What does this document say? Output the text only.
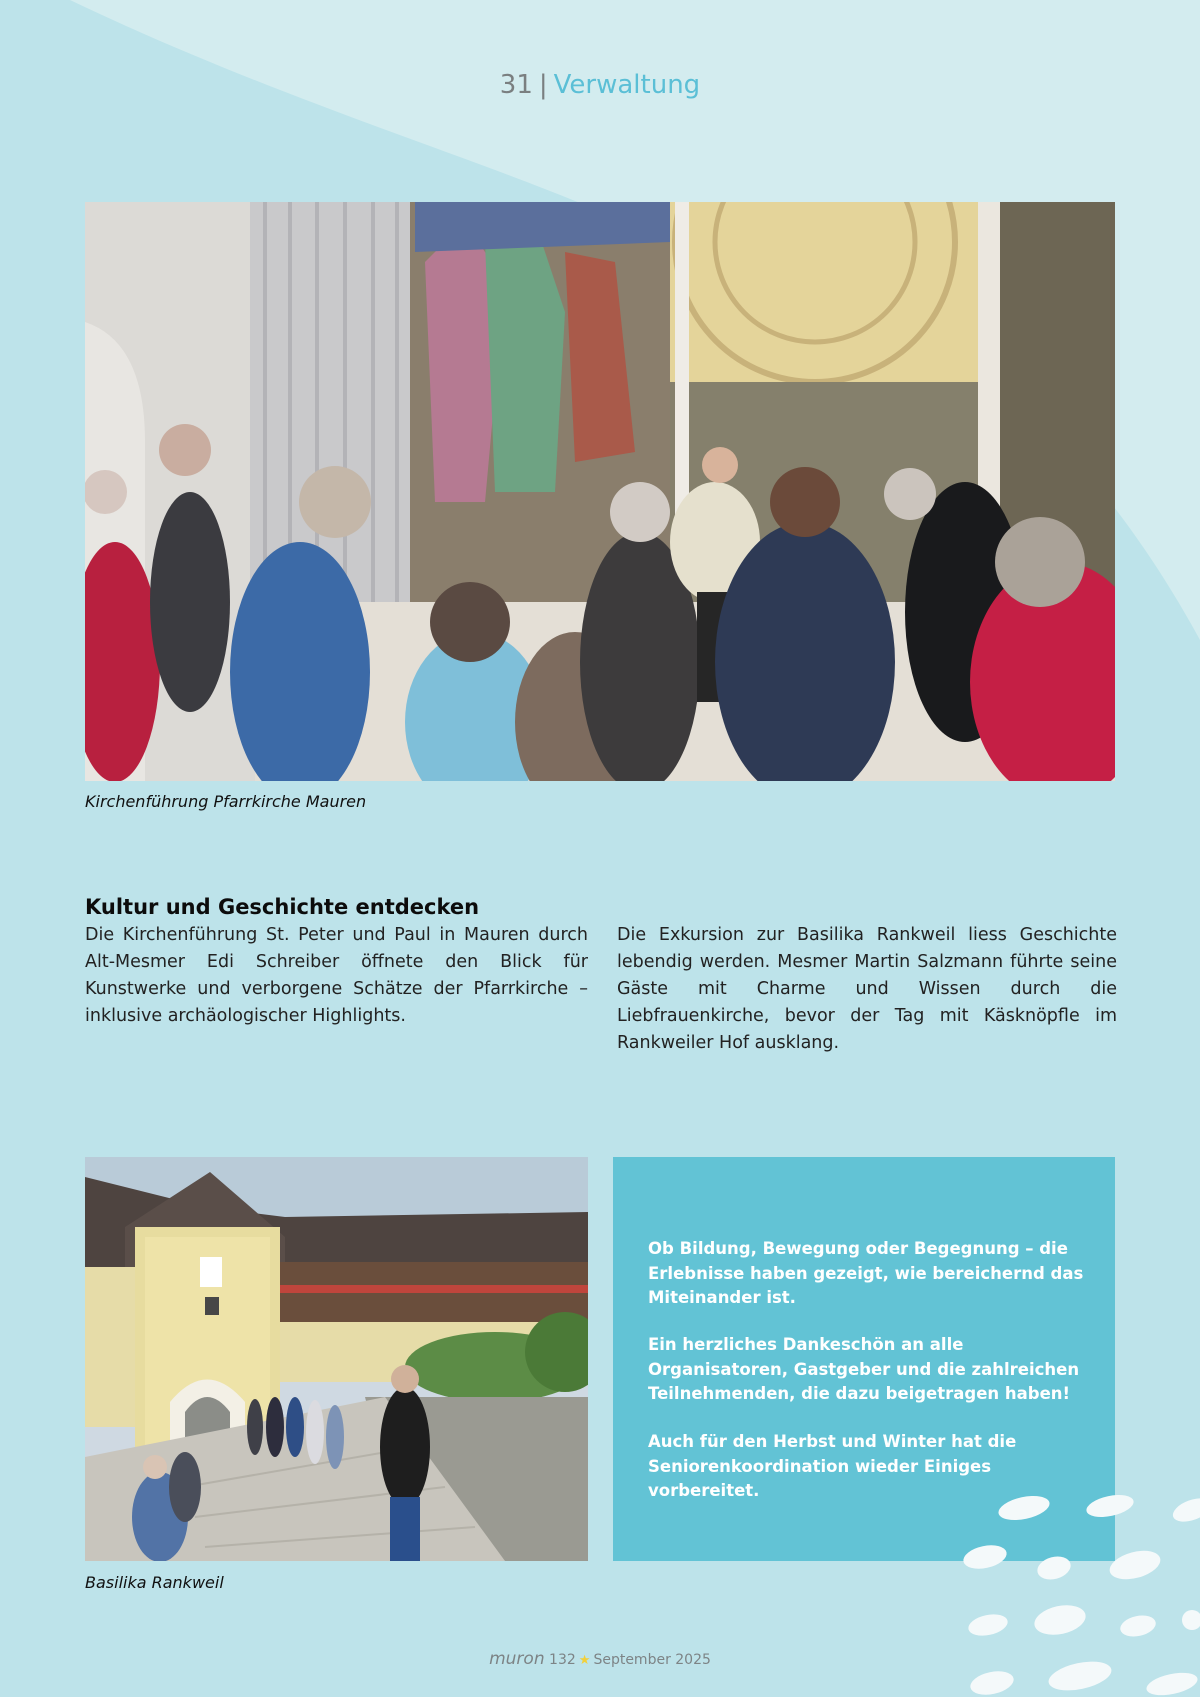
31 | Verwaltung
Kirchenführung Pfarrkirche Mauren
Kultur und Geschichte entdecken
Die Kirchenführung St. Peter und Paul in Mauren durch Alt-Mesmer Edi Schreiber öffnete den Blick für Kunstwerke und verborgene Schätze der Pfarrkirche – inklusive archäologischer Highlights.
Die Exkursion zur Basilika Rankweil liess Geschichte lebendig werden. Mesmer Martin Salzmann führte seine Gäste mit Charme und Wissen durch die Liebfrauenkirche, bevor der Tag mit Käsknöpfle im Rankweiler Hof ausklang.
Basilika Rankweil

Ob Bildung, Bewegung oder Begegnung – die Erlebnisse haben gezeigt, wie bereichernd das Miteinander ist.

Ein herzliches Dankeschön an alle Organisatoren, Gastgeber und die zahlreichen Teilnehmenden, die dazu beigetragen haben!

Auch für den Herbst und Winter hat die Seniorenkoordination wieder Einiges vorbereitet.

muron 132 ★ September 2025
